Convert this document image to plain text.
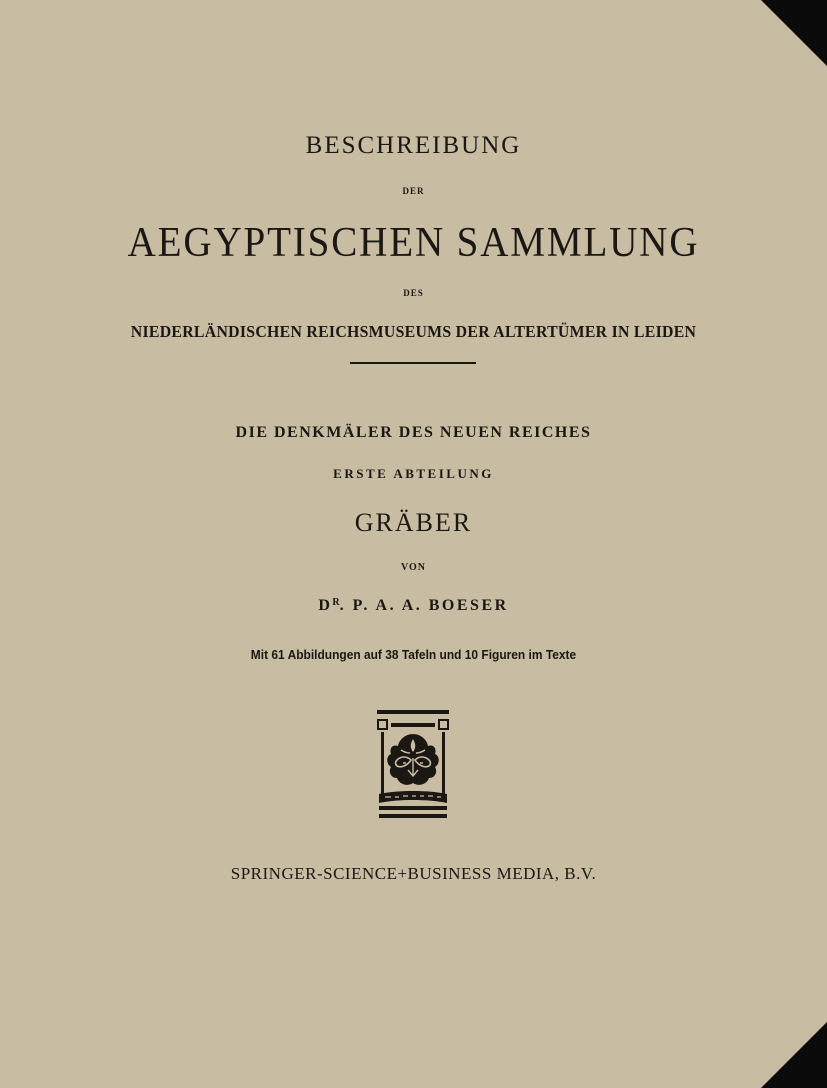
BESCHREIBUNG
DER
AEGYPTISCHEN SAMMLUNG
DES
NIEDERLÄNDISCHEN REICHSMUSEUMS DER ALTERTÜMER IN LEIDEN
DIE DENKMÄLER DES NEUEN REICHES
ERSTE ABTEILUNG
GRÄBER
VON
$D^R$. P. A. A. BOESER
Mit 61 Abbildungen auf 38 Tafeln und 10 Figuren im Texte
SPRINGER-SCIENCE+BUSINESS MEDIA, B.V.
